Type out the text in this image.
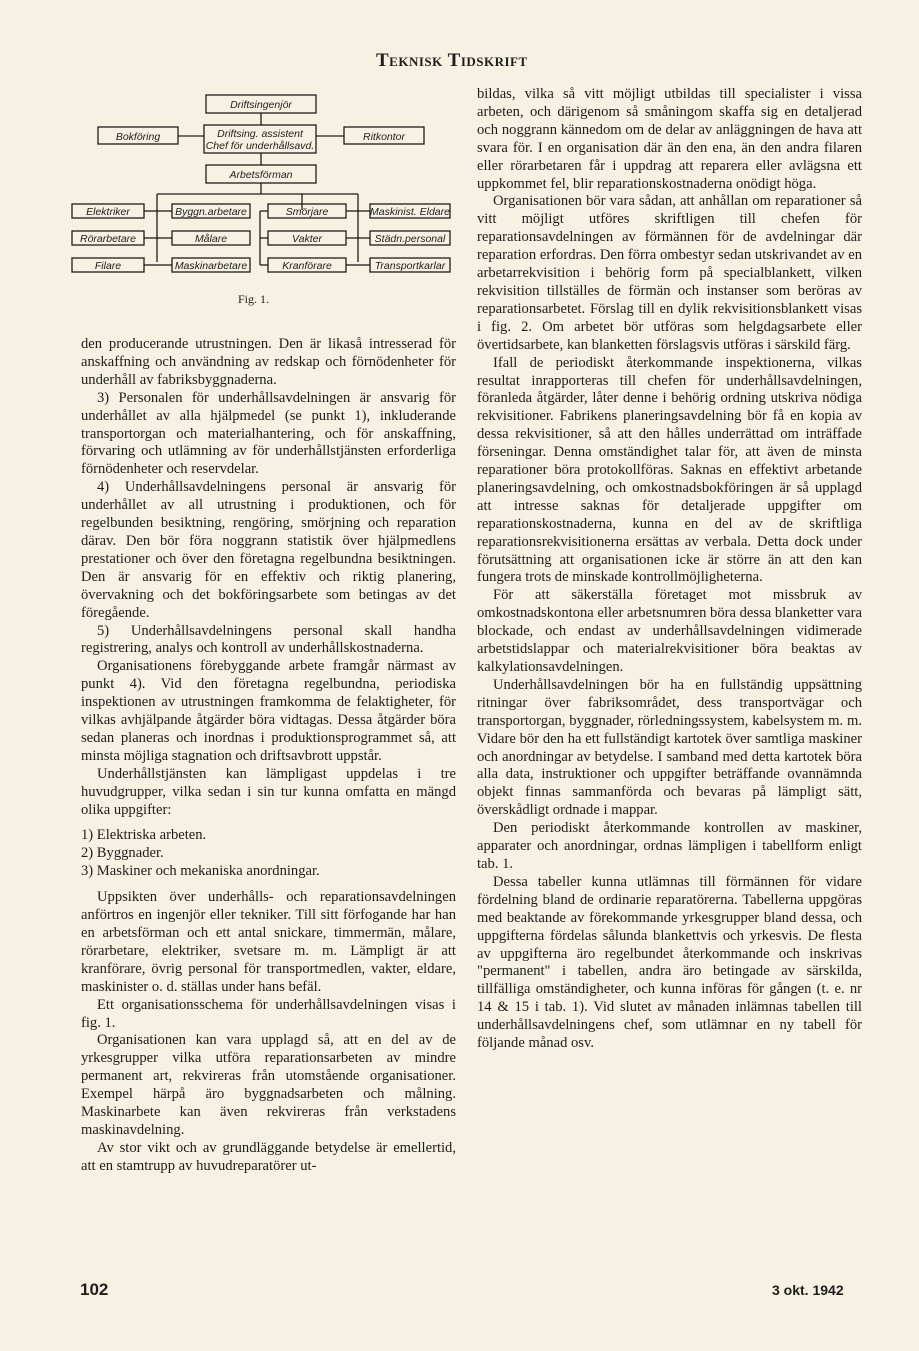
Teknisk Tidskrift
Driftsingenjör
Bokföring	Driftsing. assistent
Chef för underhållsavd.
Ritkontor
Arbetsförman
Elektriker
Rörarbetare
Filare
Byggn.arbetare
Målare
Maskinarbetare
Smörjare
Vakter
Kranförare
Maskinist. Eldare
Städn.personal
Transportkarlar
Fig. 1.

den producerande utrustningen. Den är likaså intresserad för anskaffning och användning av redskap och förnödenheter för underhåll av fabriksbyggnaderna.

3) Personalen för underhållsavdelningen är ansvarig för underhållet av alla hjälpmedel (se punkt 1), inkluderande transportorgan och materialhantering, och för anskaffning, förvaring och utlämning av för underhållstjänsten erforderliga förnödenheter och reservdelar.

4) Underhållsavdelningens personal är ansvarig för underhållet av all utrustning i produktionen, och för regelbunden besiktning, rengöring, smörjning och reparation därav. Den bör föra noggrann statistik över hjälpmedlens prestationer och över den företagna regelbundna besiktningen. Den är ansvarig för en effektiv och riktig planering, övervakning och det bokföringsarbete som betingas av det föregående.

5) Underhållsavdelningens personal skall handha registrering, analys och kontroll av underhållskostnaderna.

Organisationens förebyggande arbete framgår närmast av punkt 4). Vid den företagna regelbundna, periodiska inspektionen av utrustningen framkomma de felaktigheter, för vilkas avhjälpande åtgärder böra vidtagas. Dessa åtgärder böra sedan planeras och inordnas i produktionsprogrammet så, att minsta möjliga stagnation och driftsavbrott uppstår.

Underhållstjänsten kan lämpligast uppdelas i tre huvudgrupper, vilka sedan i sin tur kunna omfatta en mängd olika uppgifter:

1) Elektriska arbeten.
2) Byggnader.
3) Maskiner och mekaniska anordningar.

Uppsikten över underhålls- och reparationsavdelningen anförtros en ingenjör eller tekniker. Till sitt förfogande har han en arbetsförman och ett antal snickare, timmermän, målare, rörarbetare, elektriker, svetsare m. m. Lämpligt är att kranförare, övrig personal för transportmedlen, vakter, eldare, maskinister o. d. ställas under hans befäl.

Ett organisationsschema för underhållsavdelningen visas i fig. 1.

Organisationen kan vara upplagd så, att en del av de yrkesgrupper vilka utföra reparationsarbeten av mindre permanent art, rekvireras från utomstående organisationer. Exempel härpå äro byggnadsarbeten och målning. Maskinarbete kan även rekvireras från verkstadens maskinavdelning.

Av stor vikt och av grundläggande betydelse är emellertid, att en stamtrupp av huvudreparatörer ut-

bildas, vilka så vitt möjligt utbildas till specialister i vissa arbeten, och därigenom så småningom skaffa sig en detaljerad och noggrann kännedom om de delar av anläggningen de hava att svara för. I en organisation där än den ena, än den andra filaren eller rörarbetaren får i uppdrag att reparera eller avlägsna ett uppkommet fel, blir reparationskostnaderna onödigt höga.

Organisationen bör vara sådan, att anhållan om reparationer så vitt möjligt utföres skriftligen till chefen för reparationsavdelningen av förmännen för de avdelningar där reparation erfordras. Den förra ombestyr sedan utskrivandet av en arbetarrekvisition i behörig form på specialblankett, vilken rekvisition tillställes de förmän och instanser som beröras av reparationsarbetet. Förslag till en dylik rekvisitionsblankett visas i fig. 2. Om arbetet bör utföras som helgdagsarbete eller övertidsarbete, kan blanketten förslagsvis utföras i särskild färg.

Ifall de periodiskt återkommande inspektionerna, vilkas resultat inrapporteras till chefen för underhållsavdelningen, föranleda åtgärder, låter denne i behörig ordning utskriva nödiga rekvisitioner. Fabrikens planeringsavdelning bör få en kopia av dessa rekvisitioner, så att den hålles underrättad om inträffade förseningar. Denna omständighet talar för, att även de minsta reparationer böra protokollföras. Saknas en effektivt arbetande planeringsavdelning, och omkostnadsbokföringen är så upplagd att intresse saknas för detaljerade uppgifter om reparationskostnaderna, kunna en del av de skriftliga reparationsrekvisitionerna ersättas av verbala. Detta dock under förutsättning att organisationen icke är större än att den kan fungera trots de minskade kontrollmöjligheterna.

För att säkerställa företaget mot missbruk av omkostnadskontona eller arbetsnumren böra dessa blanketter vara blockade, och endast av underhållsavdelningen vidimerade arbetstidslappar och materialrekvisitioner böra beaktas av kalkylationsavdelningen.

Underhållsavdelningen bör ha en fullständig uppsättning ritningar över fabriksområdet, dess transportvägar och transportorgan, byggnader, rörledningssystem, kabelsystem m. m. Vidare bör den ha ett fullständigt kartotek över samtliga maskiner och anordningar av betydelse. I samband med detta kartotek böra alla data, instruktioner och uppgifter beträffande ovannämnda objekt finnas sammanförda och bevaras på lämpligt sätt, överskådligt ordnade i mappar.

Den periodiskt återkommande kontrollen av maskiner, apparater och anordningar, ordnas lämpligen i tabellform enligt tab. 1.

Dessa tabeller kunna utlämnas till förmännen för vidare fördelning bland de ordinarie reparatörerna. Tabellerna uppgöras med beaktande av förekommande yrkesgrupper bland dessa, och uppgifterna fördelas sålunda blankettvis och yrkesvis. De flesta av uppgifterna äro regelbundet återkommande och inskrivas "permanent" i tabellen, andra äro betingade av särskilda, tillfälliga omständigheter, och kunna införas för gången (t. e. nr 14 & 15 i tab. 1). Vid slutet av månaden inlämnas tabellen till underhållsavdelningens chef, som utlämnar en ny tabell för följande månad osv.

102	3 okt. 1942
